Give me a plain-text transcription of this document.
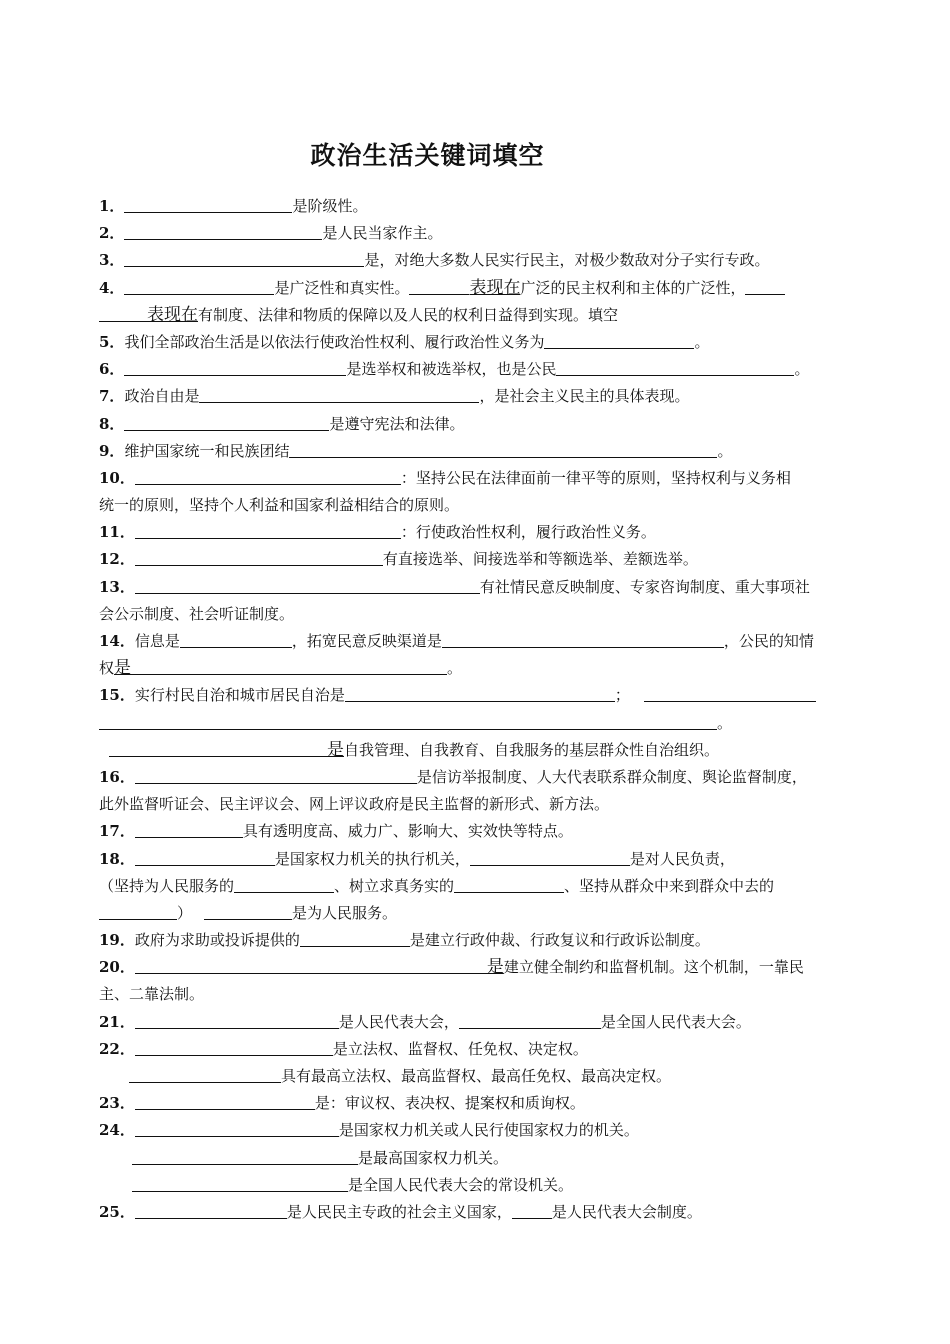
政治生活关键词填空
1．	是阶级性。
2．	是人民当家作主。
3．	是，对绝大多数人民实行民主，对极少数敌对分子实行专政。
4．	是广泛性和真实性。	表现在广泛的民主权利和主体的广泛性，
表现在有制度、法律和物质的保障以及人民的权利日益得到实现。填空
5．我们全部政治生活是以依法行使政治性权利、履行政治性义务为	。
6．	是选举权和被选举权，也是公民	。
7．政治自由是	，是社会主义民主的具体表现。
8．	是遵守宪法和法律。
9．维护国家统一和民族团结	。
10．	：坚持公民在法律面前一律平等的原则，坚持权利与义务相
统一的原则，坚持个人利益和国家利益相结合的原则。
11．	：行使政治性权利，履行政治性义务。
12．	有直接选举、间接选举和等额选举、差额选举。
13．	有社情民意反映制度、专家咨询制度、重大事项社
会公示制度、社会听证制度。
14．信息是	，拓宽民意反映渠道是	，公民的知情
权是	。
15．实行村民自治和城市居民自治是	；
。
是自我管理、自我教育、自我服务的基层群众性自治组织。
16．	是信访举报制度、人大代表联系群众制度、舆论监督制度，
此外监督听证会、民主评议会、网上评议政府是民主监督的新形式、新方法。
17．	具有透明度高、威力广、影响大、实效快等特点。
18．	是国家权力机关的执行机关，	是对人民负责，
（坚持为人民服务的	、树立求真务实的	、坚持从群众中来到群众中去的
）	是为人民服务。
19．政府为求助或投诉提供的	是建立行政仲裁、行政复议和行政诉讼制度。
20．	是建立健全制约和监督机制。这个机制，一靠民
主、二靠法制。
21．	是人民代表大会，	是全国人民代表大会。
22．	是立法权、监督权、任免权、决定权。
具有最高立法权、最高监督权、最高任免权、最高决定权。
23．	是：审议权、表决权、提案权和质询权。
24．	是国家权力机关或人民行使国家权力的机关。
是最高国家权力机关。
是全国人民代表大会的常设机关。
25．	是人民民主专政的社会主义国家，	是人民代表大会制度。
